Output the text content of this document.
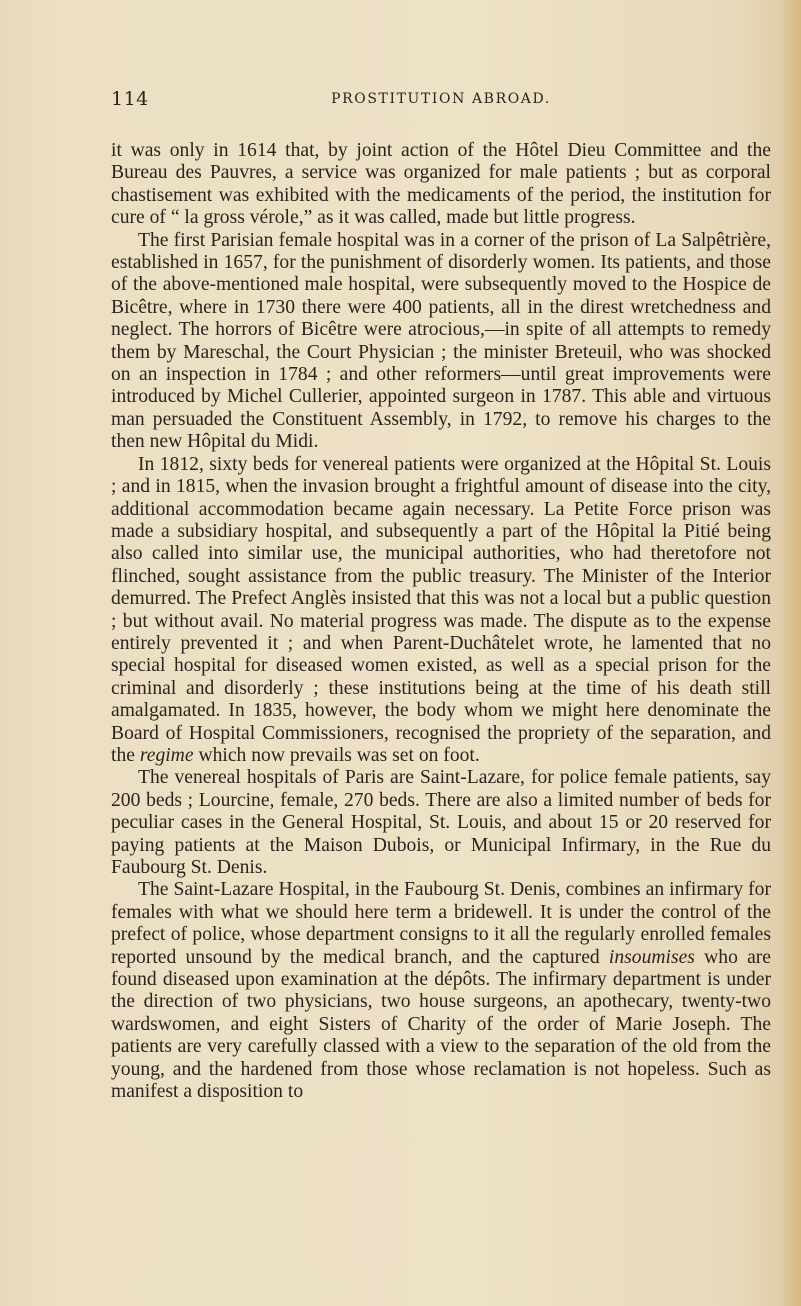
114	PROSTITUTION ABROAD.

it was only in 1614 that, by joint action of the Hôtel Dieu Committee and the Bureau des Pauvres, a service was organized for male patients ; but as corporal chastisement was exhibited with the medicaments of the period, the institution for cure of “ la gross vérole,” as it was called, made but little progress.

The first Parisian female hospital was in a corner of the prison of La Salpêtrière, established in 1657, for the punishment of disorderly women. Its patients, and those of the above-mentioned male hospital, were subsequently moved to the Hospice de Bicêtre, where in 1730 there were 400 patients, all in the direst wretchedness and neglect. The horrors of Bicêtre were atrocious,—in spite of all attempts to remedy them by Mareschal, the Court Physician ; the minister Breteuil, who was shocked on an inspection in 1784 ; and other reformers—until great improvements were introduced by Michel Cullerier, appointed surgeon in 1787. This able and virtuous man persuaded the Constituent Assembly, in 1792, to remove his charges to the then new Hôpital du Midi.

In 1812, sixty beds for venereal patients were organized at the Hôpital St. Louis ; and in 1815, when the invasion brought a frightful amount of disease into the city, additional accommodation became again necessary. La Petite Force prison was made a subsidiary hospital, and subsequently a part of the Hôpital la Pitié being also called into similar use, the municipal authorities, who had theretofore not flinched, sought assistance from the public treasury. The Minister of the Interior demurred. The Prefect Anglès insisted that this was not a local but a public question ; but without avail. No material progress was made. The dispute as to the expense entirely prevented it ; and when Parent-Duchâtelet wrote, he lamented that no special hospital for diseased women existed, as well as a special prison for the criminal and disorderly ; these institutions being at the time of his death still amalgamated. In 1835, however, the body whom we might here denominate the Board of Hospital Commissioners, recognised the propriety of the separation, and the regime which now prevails was set on foot.

The venereal hospitals of Paris are Saint-Lazare, for police female patients, say 200 beds ; Lourcine, female, 270 beds. There are also a limited number of beds for peculiar cases in the General Hospital, St. Louis, and about 15 or 20 reserved for paying patients at the Maison Dubois, or Municipal Infirmary, in the Rue du Faubourg St. Denis.

The Saint-Lazare Hospital, in the Faubourg St. Denis, combines an infirmary for females with what we should here term a bridewell. It is under the control of the prefect of police, whose department consigns to it all the regularly enrolled females reported unsound by the medical branch, and the captured insoumises who are found diseased upon examination at the dépôts. The infirmary department is under the direction of two physicians, two house surgeons, an apothecary, twenty-two wardswomen, and eight Sisters of Charity of the order of Marie Joseph. The patients are very carefully classed with a view to the separation of the old from the young, and the hardened from those whose reclamation is not hopeless. Such as manifest a disposition to
